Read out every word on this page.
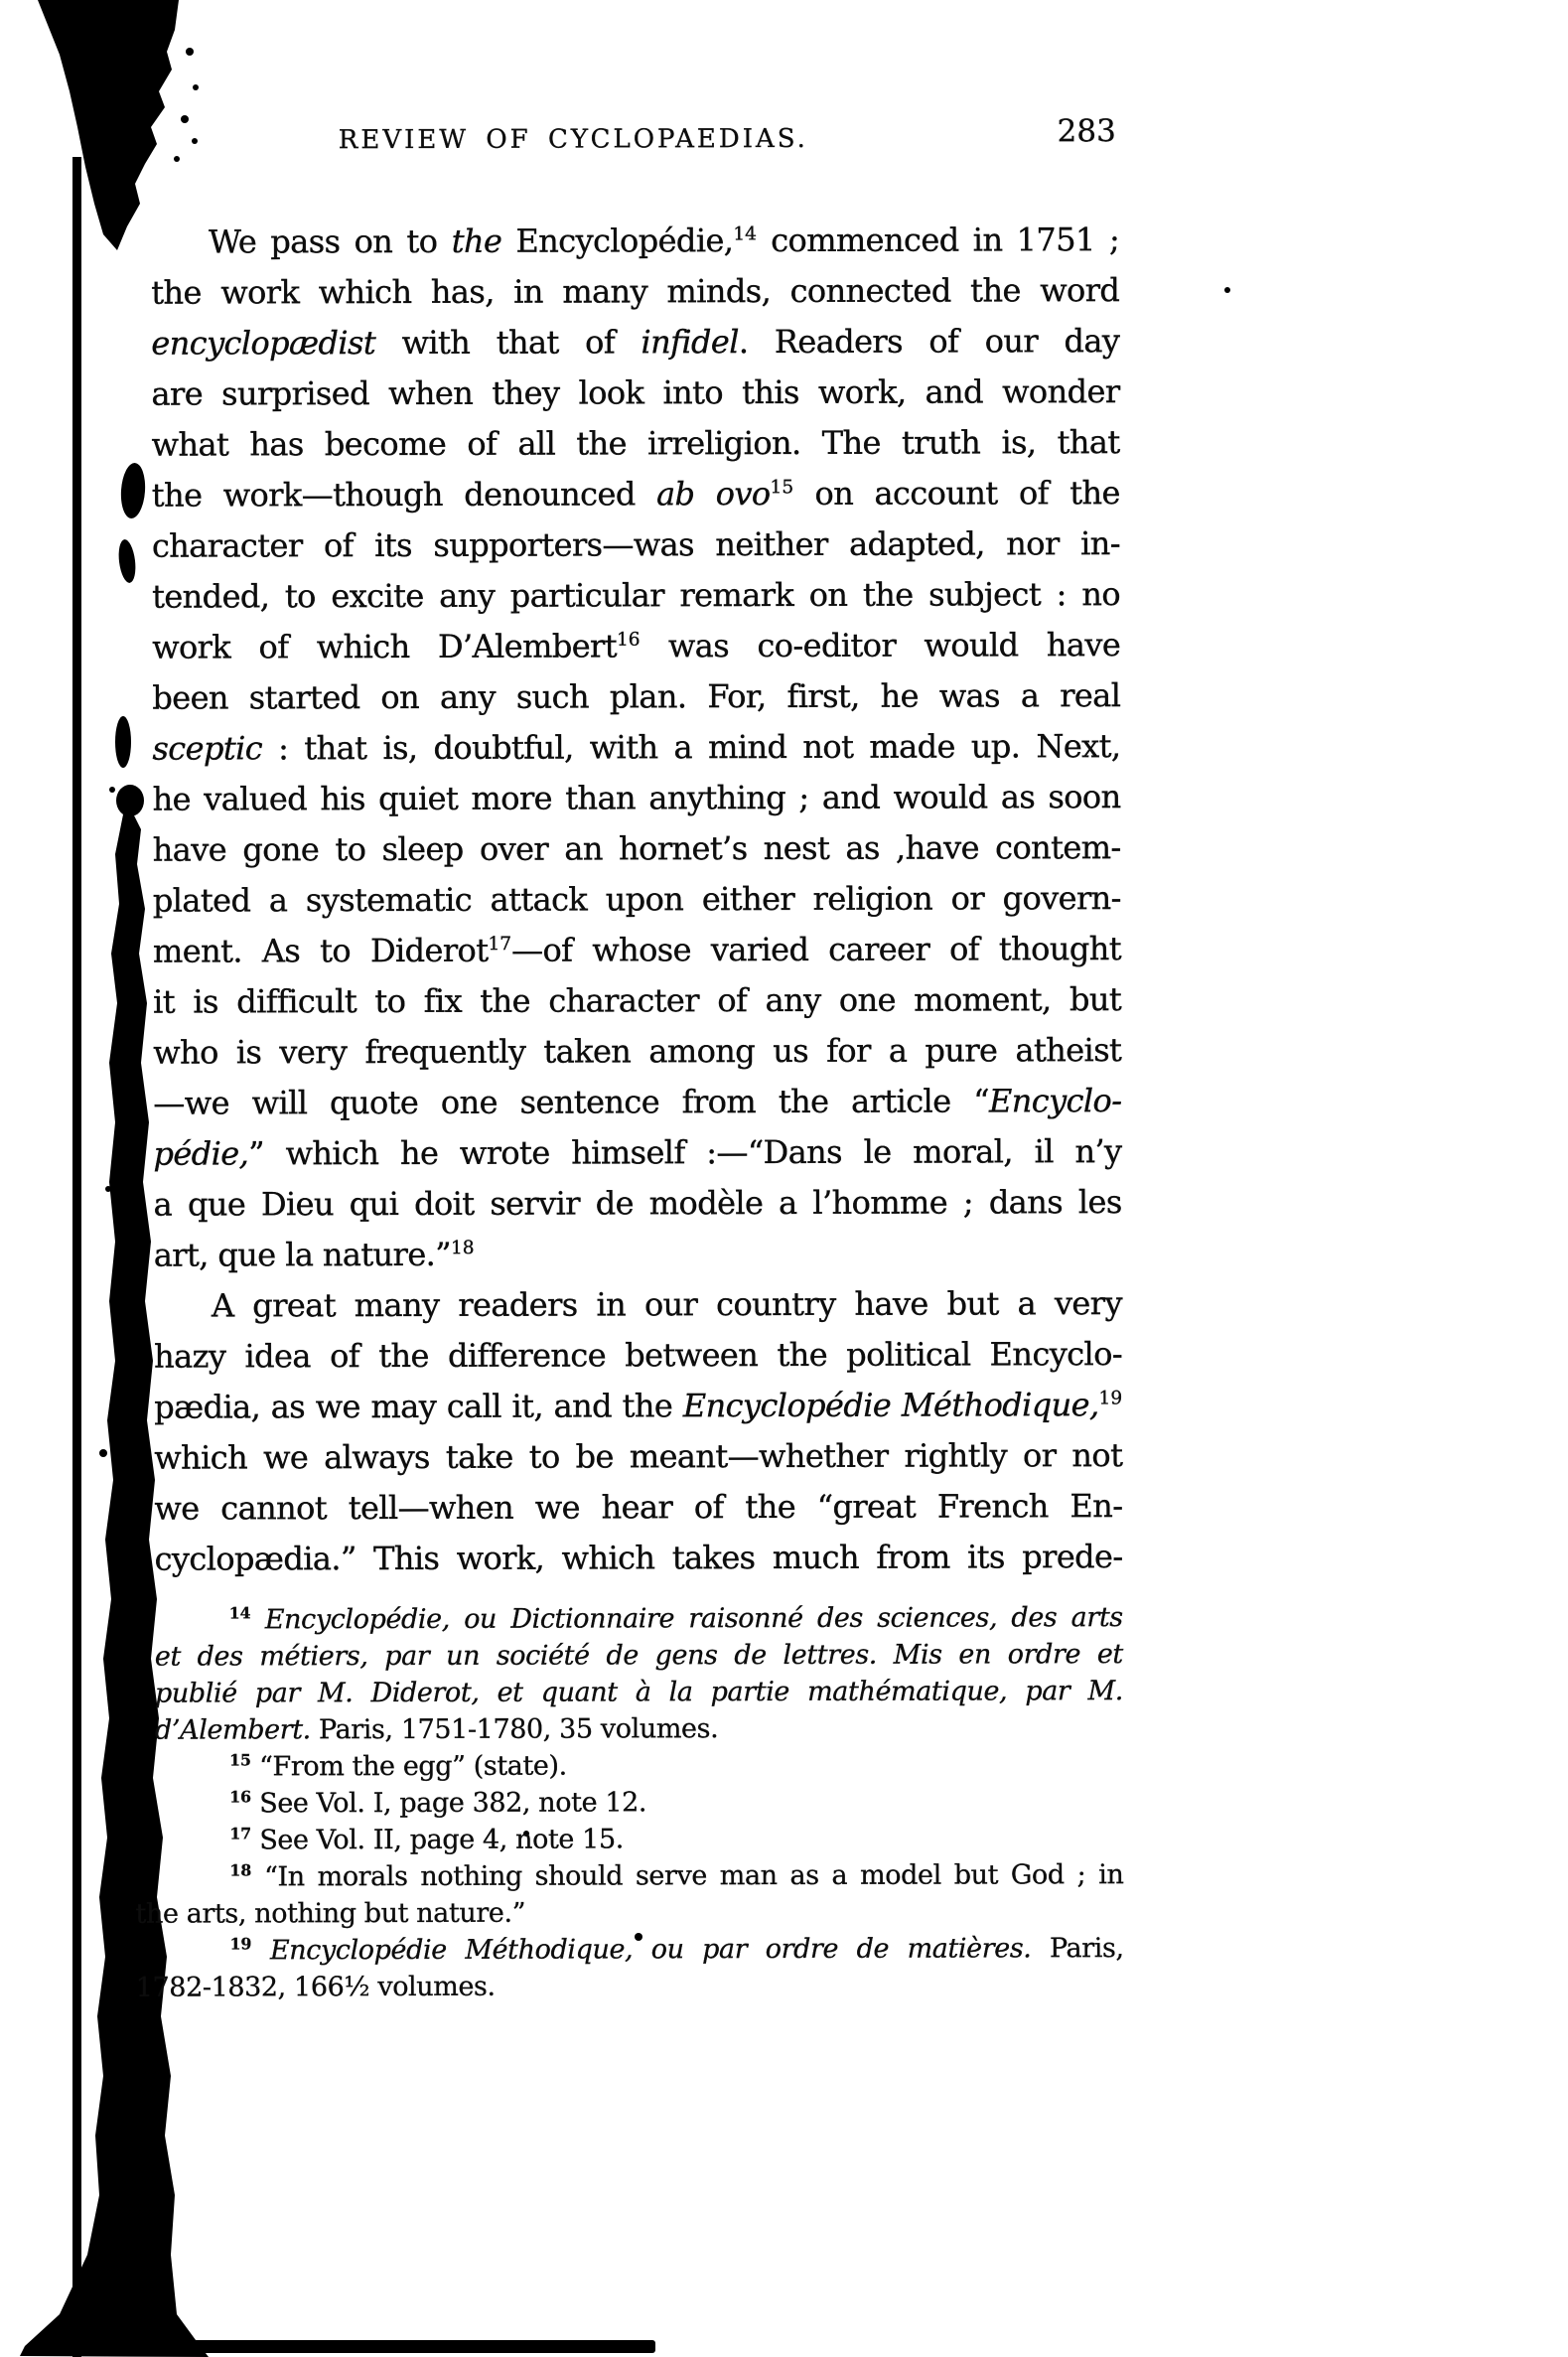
REVIEW OF CYCLOPAEDIAS.	283
We pass on to the Encyclopédie,$^{14}$ commenced in 1751 ;
the work which has, in many minds, connected the word
encyclopædist with that of infidel. Readers of our day
are surprised when they look into this work, and wonder
what has become of all the irreligion. The truth is, that
the work—though denounced ab ovo$^{15}$ on account of the
character of its supporters—was neither adapted, nor in-
tended, to excite any particular remark on the subject : no
work of which D’Alembert$^{16}$ was co-editor would have
been started on any such plan. For, first, he was a real
sceptic : that is, doubtful, with a mind not made up. Next,
he valued his quiet more than anything ; and would as soon
have gone to sleep over an hornet’s nest as ,have contem-
plated a systematic attack upon either religion or govern-
ment. As to Diderot$^{17}$—of whose varied career of thought
it is difficult to fix the character of any one moment, but
who is very frequently taken among us for a pure atheist
—we will quote one sentence from the article “Encyclo-
pédie,” which he wrote himself :—“Dans le moral, il n’y
a que Dieu qui doit servir de modèle a l’homme ; dans les
art, que la nature.”$^{18}$
A great many readers in our country have but a very
hazy idea of the difference between the political Encyclo-
pædia, as we may call it, and the Encyclopédie Méthodique,$^{19}$
which we always take to be meant—whether rightly or not
we cannot tell—when we hear of the “great French En-
cyclopædia.” This work, which takes much from its prede-
$^{14}$ Encyclopédie, ou Dictionnaire raisonné des sciences, des arts
et des métiers, par un société de gens de lettres. Mis en ordre et
publié par M. Diderot, et quant à la partie mathématique, par M.
d’Alembert. Paris, 1751-1780, 35 volumes.
$^{15}$ “From the egg” (state).
$^{16}$ See Vol. I, page 382, note 12.
$^{17}$ See Vol. II, page 4, note 15.
$^{18}$ “In morals nothing should serve man as a model but God ; in
the arts, nothing but nature.”
$^{19}$ Encyclopédie Méthodique, ou par ordre de matières. Paris,
1782-1832, 166½ volumes.
